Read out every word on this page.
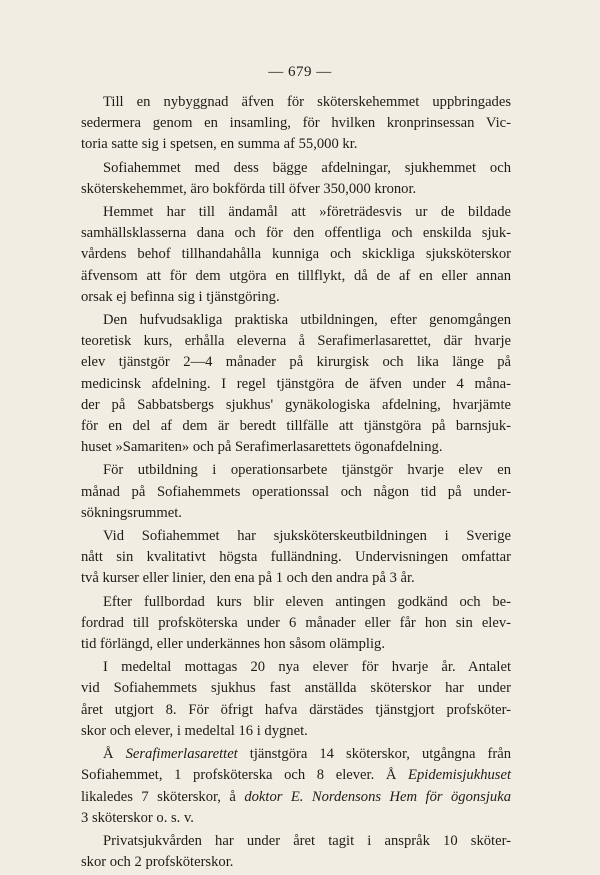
— 679 —

Till en nybyggnad äfven för sköterskehemmet uppbringades
sedermera genom en insamling, för hvilken kronprinsessan Vic-
toria satte sig i spetsen, en summa af 55,000 kr.

Sofiahemmet med dess bägge afdelningar, sjukhemmet och
sköterskehemmet, äro bokförda till öfver 350,000 kronor.

Hemmet har till ändamål att »företrädesvis ur de bildade
samhällsklasserna dana och för den offentliga och enskilda sjuk-
vårdens behof tillhandahålla kunniga och skickliga sjuksköterskor
äfvensom att för dem utgöra en tillflykt, då de af en eller annan
orsak ej befinna sig i tjänstgöring.

Den hufvudsakliga praktiska utbildningen, efter genomgången
teoretisk kurs, erhålla eleverna å Serafimerlasarettet, där hvarje
elev tjänstgör 2—4 månader på kirurgisk och lika länge på
medicinsk afdelning. I regel tjänstgöra de äfven under 4 måna-
der på Sabbatsbergs sjukhus' gynäkologiska afdelning, hvarjämte
för en del af dem är beredt tillfälle att tjänstgöra på barnsjuk-
huset »Samariten» och på Serafimerlasarettets ögonafdelning.

För utbildning i operationsarbete tjänstgör hvarje elev en
månad på Sofiahemmets operationssal och någon tid på under-
sökningsrummet.

Vid Sofiahemmet har sjuksköterskeutbildningen i Sverige
nått sin kvalitativt högsta fulländning. Undervisningen omfattar
två kurser eller linier, den ena på 1 och den andra på 3 år.

Efter fullbordad kurs blir eleven antingen godkänd och be-
fordrad till profsköterska under 6 månader eller får hon sin elev-
tid förlängd, eller underkännes hon såsom olämplig.

I medeltal mottagas 20 nya elever för hvarje år. Antalet
vid Sofiahemmets sjukhus fast anställda sköterskor har under
året utgjort 8. För öfrigt hafva därstädes tjänstgjort profsköter-
skor och elever, i medeltal 16 i dygnet.

Å Serafimerlasarettet tjänstgöra 14 sköterskor, utgångna från
Sofiahemmet, 1 profsköterska och 8 elever. Å Epidemisjukhuset
likaledes 7 sköterskor, å doktor E. Nordensons Hem för ögonsjuka
3 sköterskor o. s. v.

Privatsjukvården har under året tagit i anspråk 10 sköter-
skor och 2 profsköterskor.
